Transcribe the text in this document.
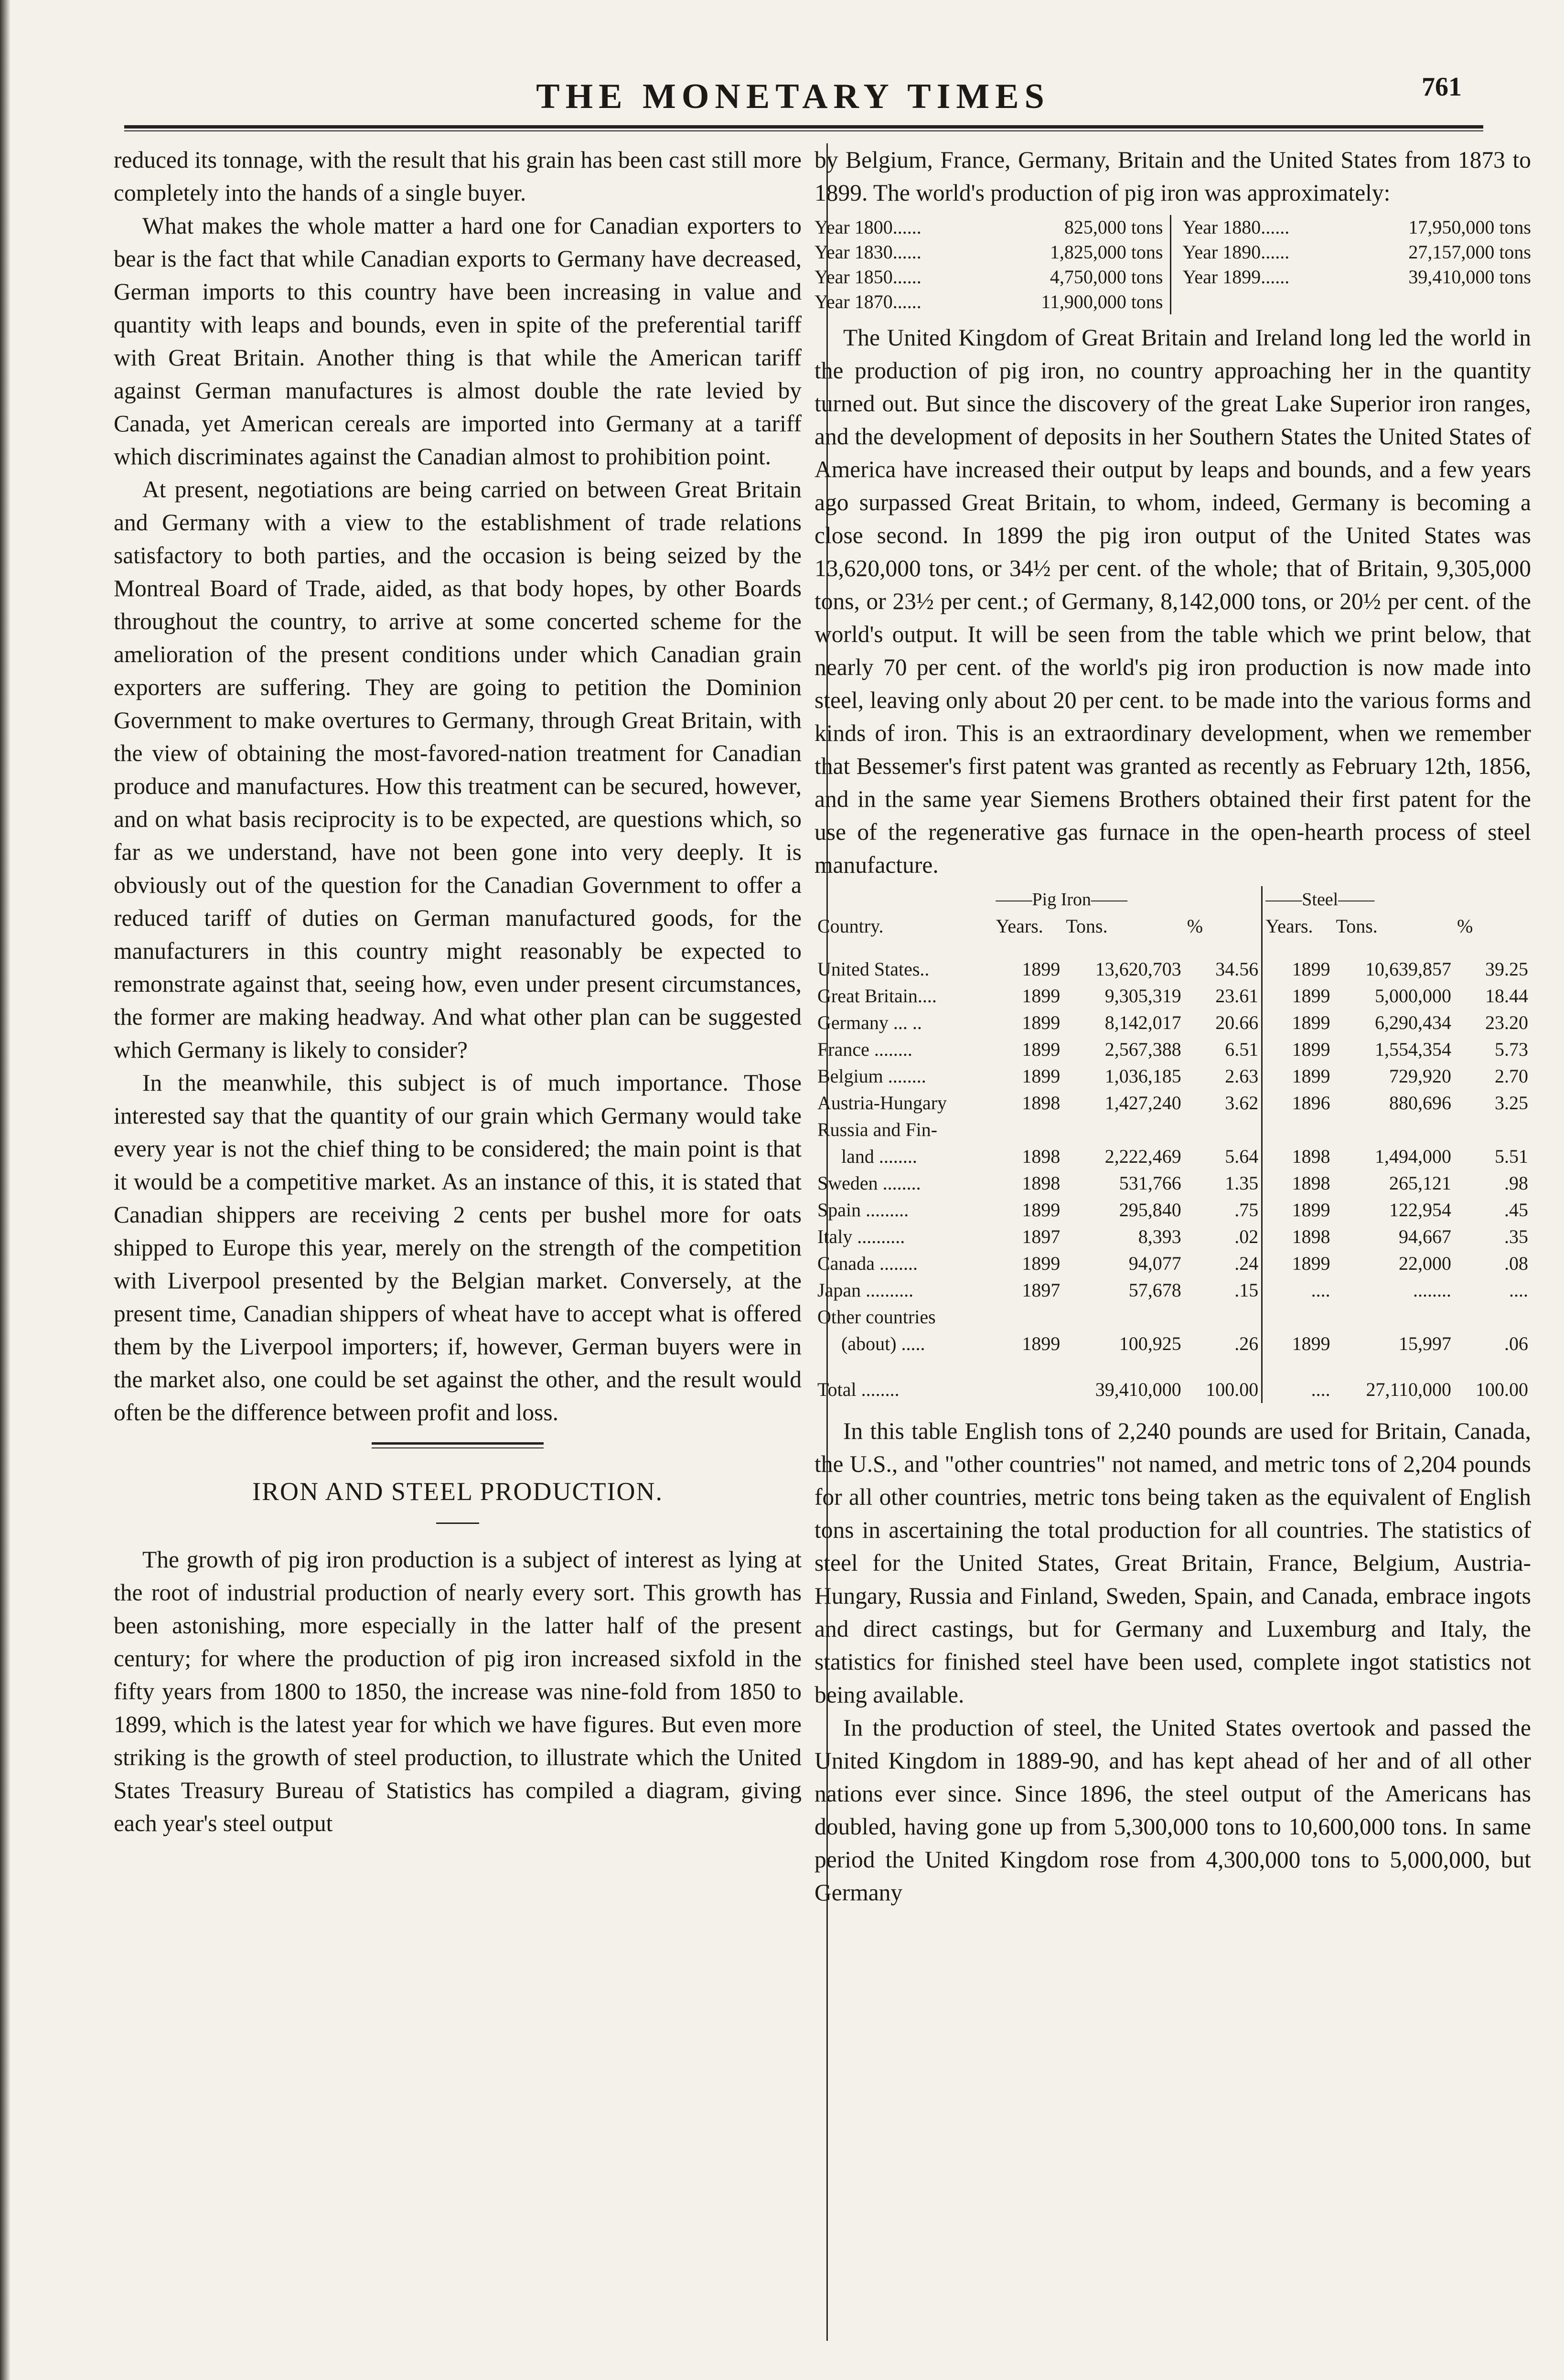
THE MONETARY TIMES	761

reduced its tonnage, with the result that his grain has been cast still more completely into the hands of a single buyer.

What makes the whole matter a hard one for Canadian exporters to bear is the fact that while Canadian exports to Germany have decreased, German imports to this country have been increasing in value and quantity with leaps and bounds, even in spite of the preferential tariff with Great Britain. Another thing is that while the American tariff against German manufactures is almost double the rate levied by Canada, yet American cereals are imported into Germany at a tariff which discriminates against the Canadian almost to prohibition point.

At present, negotiations are being carried on between Great Britain and Germany with a view to the establishment of trade relations satisfactory to both parties, and the occasion is being seized by the Montreal Board of Trade, aided, as that body hopes, by other Boards throughout the country, to arrive at some concerted scheme for the amelioration of the present conditions under which Canadian grain exporters are suffering. They are going to petition the Dominion Government to make overtures to Germany, through Great Britain, with the view of obtaining the most-favored-nation treatment for Canadian produce and manufactures. How this treatment can be secured, however, and on what basis reciprocity is to be expected, are questions which, so far as we understand, have not been gone into very deeply. It is obviously out of the question for the Canadian Government to offer a reduced tariff of duties on German manufactured goods, for the manufacturers in this country might reasonably be expected to remonstrate against that, seeing how, even under present circumstances, the former are making headway. And what other plan can be suggested which Germany is likely to consider?

In the meanwhile, this subject is of much importance. Those interested say that the quantity of our grain which Germany would take every year is not the chief thing to be considered; the main point is that it would be a competitive market. As an instance of this, it is stated that Canadian shippers are receiving 2 cents per bushel more for oats shipped to Europe this year, merely on the strength of the competition with Liverpool presented by the Belgian market. Conversely, at the present time, Canadian shippers of wheat have to accept what is offered them by the Liverpool importers; if, however, German buyers were in the market also, one could be set against the other, and the result would often be the difference between profit and loss.

IRON AND STEEL PRODUCTION.

The growth of pig iron production is a subject of interest as lying at the root of industrial production of nearly every sort. This growth has been astonishing, more especially in the latter half of the present century; for where the production of pig iron increased sixfold in the fifty years from 1800 to 1850, the increase was nine-fold from 1850 to 1899, which is the latest year for which we have figures. But even more striking is the growth of steel production, to illustrate which the United States Treasury Bureau of Statistics has compiled a diagram, giving each year's steel output

by Belgium, France, Germany, Britain and the United States from 1873 to 1899. The world's production of pig iron was approximately:

Year 1800......	825,000 tons
Year 1830......	1,825,000 tons
Year 1850......	4,750,000 tons
Year 1870......	11,900,000 tons
Year 1880......	17,950,000 tons
Year 1890......	27,157,000 tons
Year 1899......	39,410,000 tons

The United Kingdom of Great Britain and Ireland long led the world in the production of pig iron, no country approaching her in the quantity turned out. But since the discovery of the great Lake Superior iron ranges, and the development of deposits in her Southern States the United States of America have increased their output by leaps and bounds, and a few years ago surpassed Great Britain, to whom, indeed, Germany is becoming a close second. In 1899 the pig iron output of the United States was 13,620,000 tons, or 34½ per cent. of the whole; that of Britain, 9,305,000 tons, or 23½ per cent.; of Germany, 8,142,000 tons, or 20½ per cent. of the world's output. It will be seen from the table which we print below, that nearly 70 per cent. of the world's pig iron production is now made into steel, leaving only about 20 per cent. to be made into the various forms and kinds of iron. This is an extraordinary development, when we remember that Bessemer's first patent was granted as recently as February 12th, 1856, and in the same year Siemens Brothers obtained their first patent for the use of the regenerative gas furnace in the open-hearth process of steel manufacture.

	——Pig Iron——			——Steel——		
Country.	Years.	Tons.	%	Years.	Tons.	%
United States..	1899	13,620,703	34.56	1899	10,639,857	39.25
Great Britain....	1899	9,305,319	23.61	1899	5,000,000	18.44
Germany ... ..	1899	8,142,017	20.66	1899	6,290,434	23.20
France ........	1899	2,567,388	6.51	1899	1,554,354	5.73
Belgium ........	1899	1,036,185	2.63	1899	729,920	2.70
Austria-Hungary	1898	1,427,240	3.62	1896	880,696	3.25
Russia and Fin-						
land ........	1898	2,222,469	5.64	1898	1,494,000	5.51
Sweden ........	1898	531,766	1.35	1898	265,121	.98
Spain .........	1899	295,840	.75	1899	122,954	.45
Italy ..........	1897	8,393	.02	1898	94,667	.35
Canada ........	1899	94,077	.24	1899	22,000	.08
Japan ..........	1897	57,678	.15	....	........	....
Other countries						
(about) .....	1899	100,925	.26	1899	15,997	.06
Total ........		39,410,000	100.00	....	27,110,000	100.00

In this table English tons of 2,240 pounds are used for Britain, Canada, the U.S., and "other countries" not named, and metric tons of 2,204 pounds for all other countries, metric tons being taken as the equivalent of English tons in ascertaining the total production for all countries. The statistics of steel for the United States, Great Britain, France, Belgium, Austria-Hungary, Russia and Finland, Sweden, Spain, and Canada, embrace ingots and direct castings, but for Germany and Luxemburg and Italy, the statistics for finished steel have been used, complete ingot statistics not being available.

In the production of steel, the United States overtook and passed the United Kingdom in 1889-90, and has kept ahead of her and of all other nations ever since. Since 1896, the steel output of the Americans has doubled, having gone up from 5,300,000 tons to 10,600,000 tons. In same period the United Kingdom rose from 4,300,000 tons to 5,000,000, but Germany
